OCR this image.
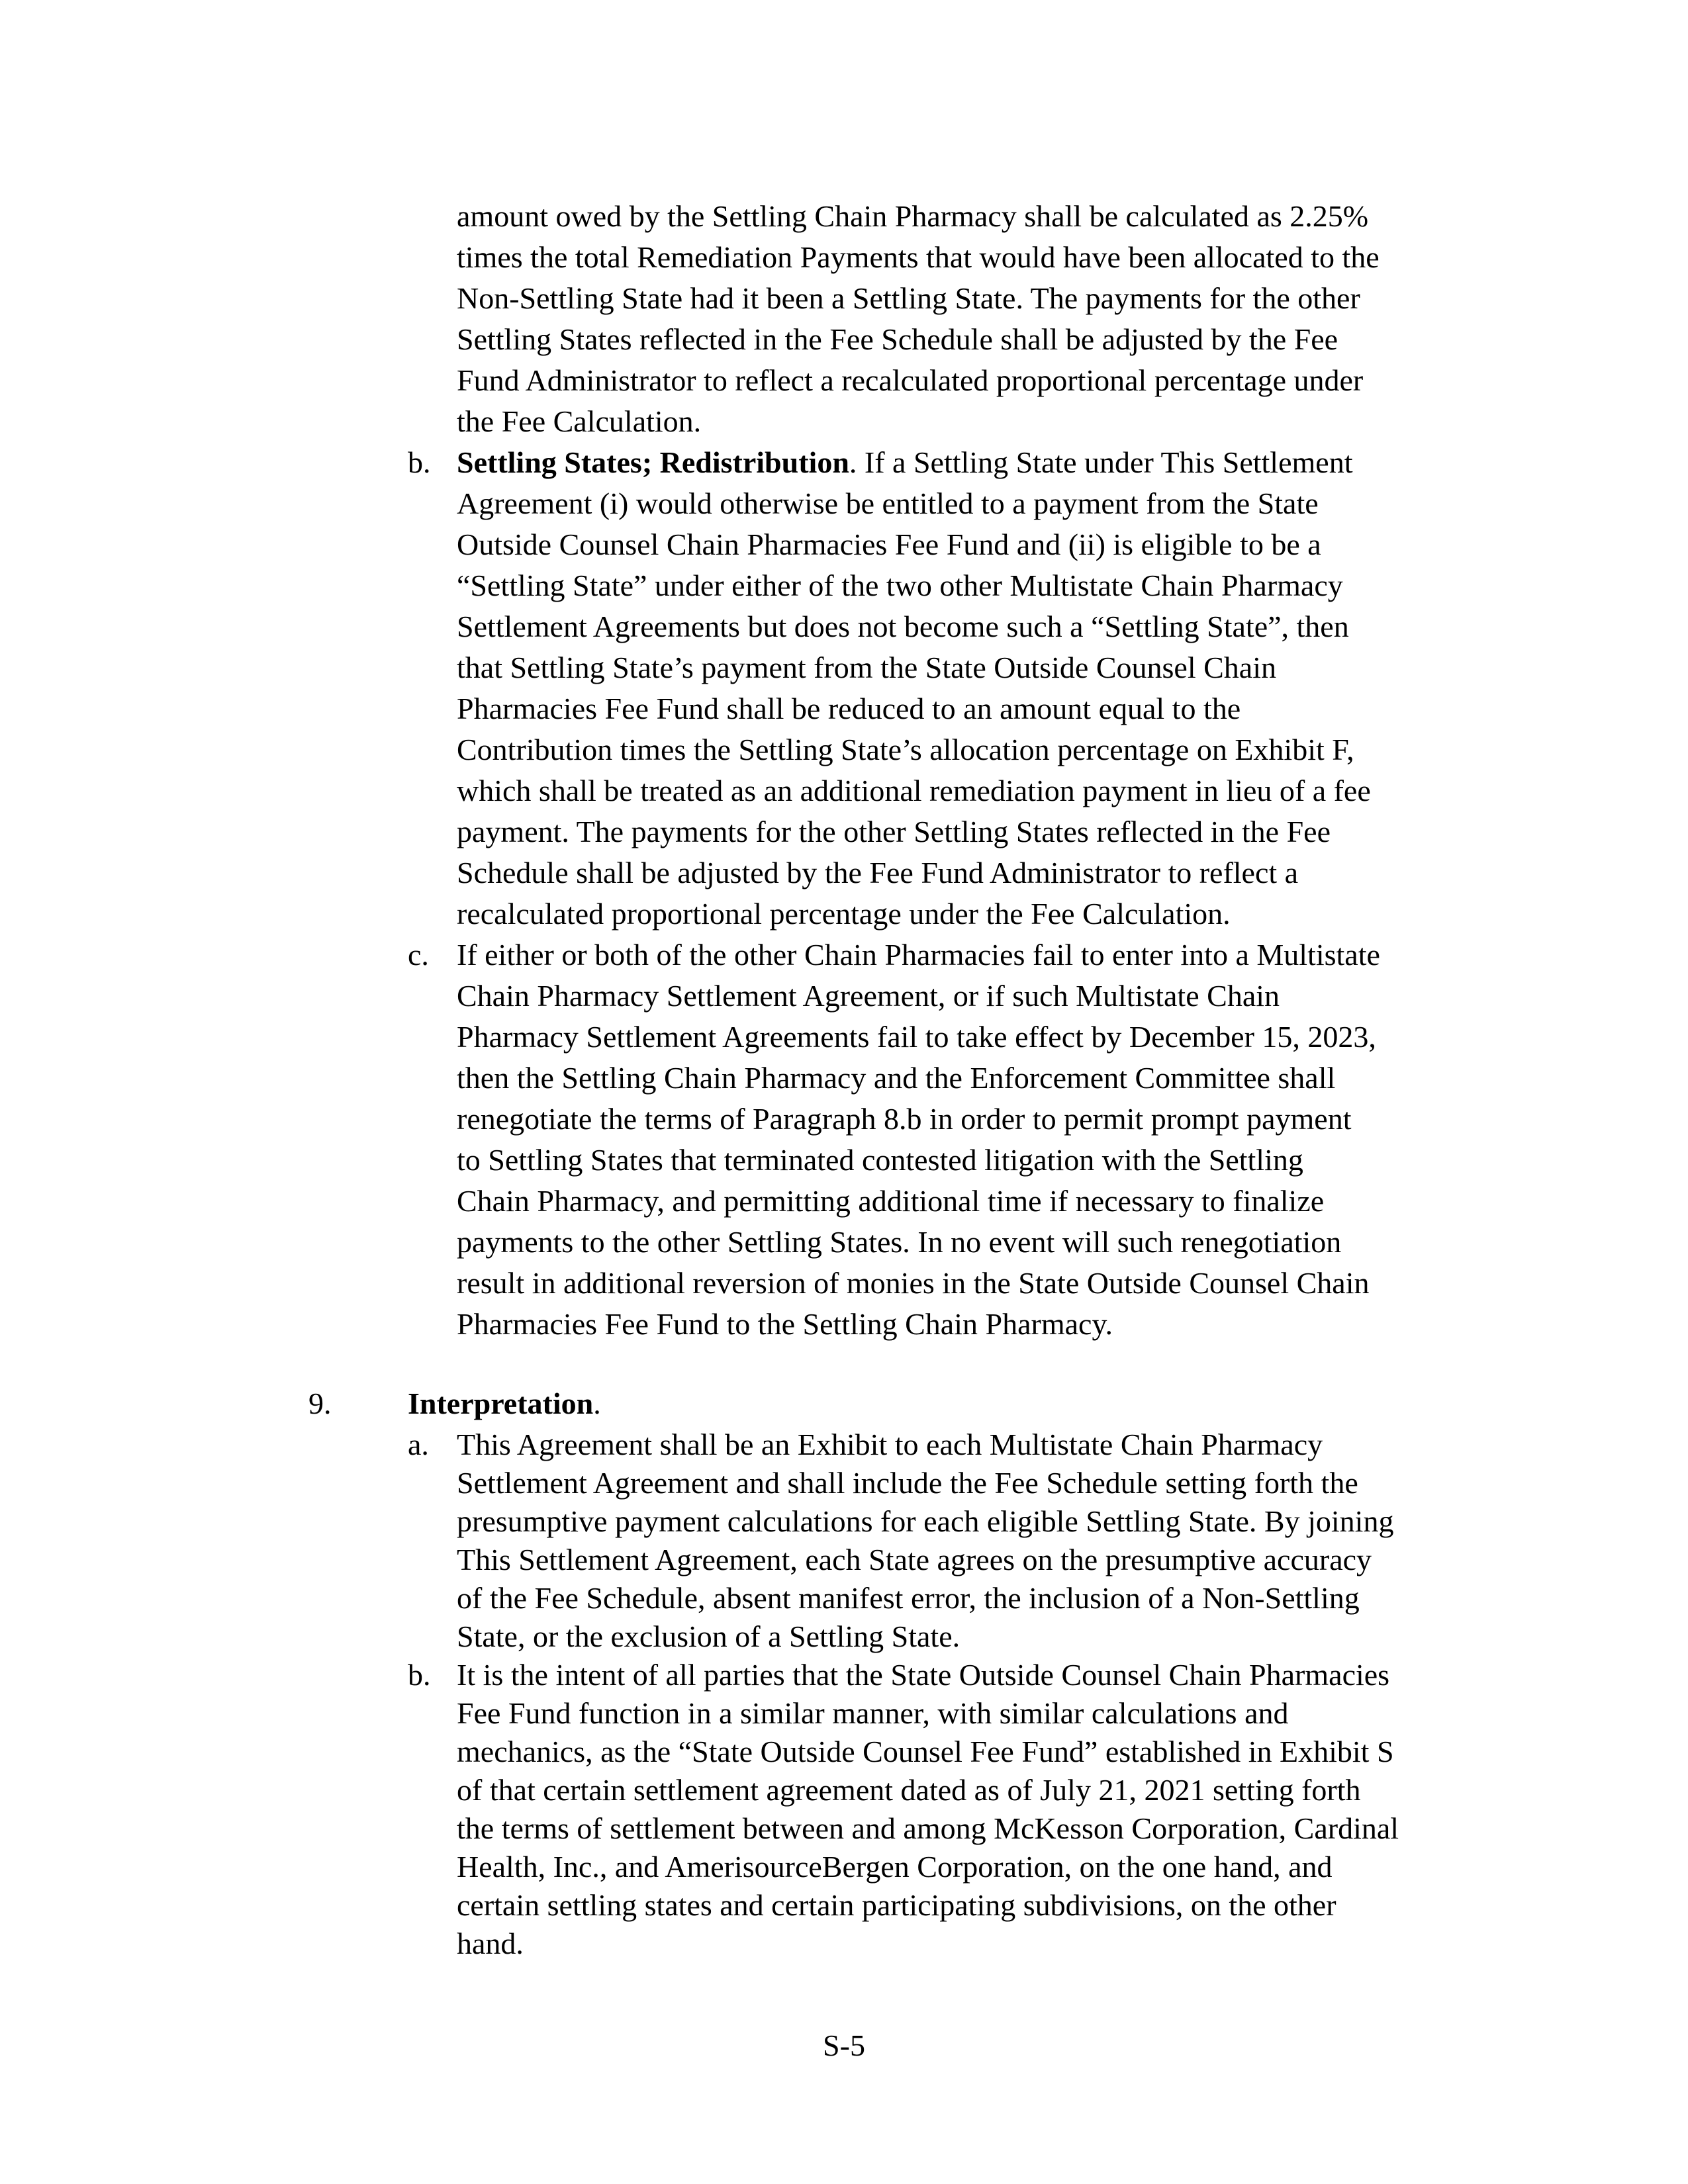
amount owed by the Settling Chain Pharmacy shall be calculated as 2.25%
times the total Remediation Payments that would have been allocated to the
Non-Settling State had it been a Settling State. The payments for the other
Settling States reflected in the Fee Schedule shall be adjusted by the Fee
Fund Administrator to reflect a recalculated proportional percentage under
the Fee Calculation.
b. Settling States; Redistribution. If a Settling State under This Settlement
Agreement (i) would otherwise be entitled to a payment from the State
Outside Counsel Chain Pharmacies Fee Fund and (ii) is eligible to be a
“Settling State” under either of the two other Multistate Chain Pharmacy
Settlement Agreements but does not become such a “Settling State”, then
that Settling State’s payment from the State Outside Counsel Chain
Pharmacies Fee Fund shall be reduced to an amount equal to the
Contribution times the Settling State’s allocation percentage on Exhibit F,
which shall be treated as an additional remediation payment in lieu of a fee
payment. The payments for the other Settling States reflected in the Fee
Schedule shall be adjusted by the Fee Fund Administrator to reflect a
recalculated proportional percentage under the Fee Calculation.
c. If either or both of the other Chain Pharmacies fail to enter into a Multistate
Chain Pharmacy Settlement Agreement, or if such Multistate Chain
Pharmacy Settlement Agreements fail to take effect by December 15, 2023,
then the Settling Chain Pharmacy and the Enforcement Committee shall
renegotiate the terms of Paragraph 8.b in order to permit prompt payment
to Settling States that terminated contested litigation with the Settling
Chain Pharmacy, and permitting additional time if necessary to finalize
payments to the other Settling States. In no event will such renegotiation
result in additional reversion of monies in the State Outside Counsel Chain
Pharmacies Fee Fund to the Settling Chain Pharmacy.
9.	Interpretation.
a. This Agreement shall be an Exhibit to each Multistate Chain Pharmacy
Settlement Agreement and shall include the Fee Schedule setting forth the
presumptive payment calculations for each eligible Settling State. By joining
This Settlement Agreement, each State agrees on the presumptive accuracy
of the Fee Schedule, absent manifest error, the inclusion of a Non-Settling
State, or the exclusion of a Settling State.
b. It is the intent of all parties that the State Outside Counsel Chain Pharmacies
Fee Fund function in a similar manner, with similar calculations and
mechanics, as the “State Outside Counsel Fee Fund” established in Exhibit S
of that certain settlement agreement dated as of July 21, 2021 setting forth
the terms of settlement between and among McKesson Corporation, Cardinal
Health, Inc., and AmerisourceBergen Corporation, on the one hand, and
certain settling states and certain participating subdivisions, on the other
hand.
S-5
